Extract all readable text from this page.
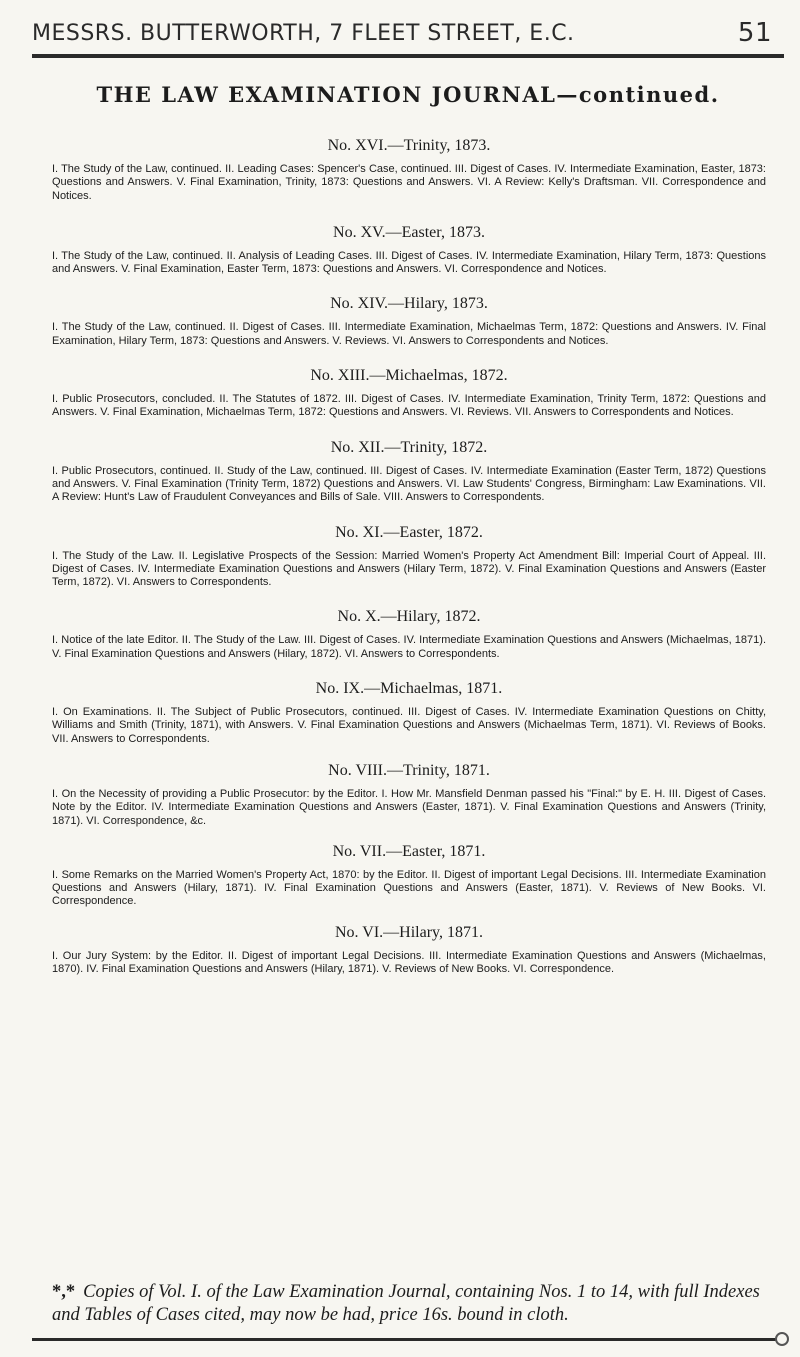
MESSRS. BUTTERWORTH, 7 FLEET STREET, E.C.	51
THE LAW EXAMINATION JOURNAL—continued.
No. XVI.—Trinity, 1873.

I. The Study of the Law, continued. II. Leading Cases: Spencer's Case, continued. III. Digest of Cases. IV. Intermediate Examination, Easter, 1873: Questions and Answers. V. Final Examination, Trinity, 1873: Questions and Answers. VI. A Review: Kelly's Draftsman. VII. Correspondence and Notices.

No. XV.—Easter, 1873.

I. The Study of the Law, continued. II. Analysis of Leading Cases. III. Digest of Cases. IV. Intermediate Examination, Hilary Term, 1873: Questions and Answers. V. Final Examination, Easter Term, 1873: Questions and Answers. VI. Correspondence and Notices.

No. XIV.—Hilary, 1873.

I. The Study of the Law, continued. II. Digest of Cases. III. Intermediate Examination, Michaelmas Term, 1872: Questions and Answers. IV. Final Examination, Hilary Term, 1873: Questions and Answers. V. Reviews. VI. Answers to Correspondents and Notices.

No. XIII.—Michaelmas, 1872.

I. Public Prosecutors, concluded. II. The Statutes of 1872. III. Digest of Cases. IV. Intermediate Examination, Trinity Term, 1872: Questions and Answers. V. Final Examination, Michaelmas Term, 1872: Questions and Answers. VI. Reviews. VII. Answers to Correspondents and Notices.

No. XII.—Trinity, 1872.

I. Public Prosecutors, continued. II. Study of the Law, continued. III. Digest of Cases. IV. Intermediate Examination (Easter Term, 1872) Questions and Answers. V. Final Examination (Trinity Term, 1872) Questions and Answers. VI. Law Students' Congress, Birmingham: Law Examinations. VII. A Review: Hunt's Law of Fraudulent Conveyances and Bills of Sale. VIII. Answers to Correspondents.

No. XI.—Easter, 1872.

I. The Study of the Law. II. Legislative Prospects of the Session: Married Women's Property Act Amendment Bill: Imperial Court of Appeal. III. Digest of Cases. IV. Intermediate Examination Questions and Answers (Hilary Term, 1872). V. Final Examination Questions and Answers (Easter Term, 1872). VI. Answers to Correspondents.

No. X.—Hilary, 1872.

I. Notice of the late Editor. II. The Study of the Law. III. Digest of Cases. IV. Intermediate Examination Questions and Answers (Michaelmas, 1871). V. Final Examination Questions and Answers (Hilary, 1872). VI. Answers to Correspondents.

No. IX.—Michaelmas, 1871.

I. On Examinations. II. The Subject of Public Prosecutors, continued. III. Digest of Cases. IV. Intermediate Examination Questions on Chitty, Williams and Smith (Trinity, 1871), with Answers. V. Final Examination Questions and Answers (Michaelmas Term, 1871). VI. Reviews of Books. VII. Answers to Correspondents.

No. VIII.—Trinity, 1871.

I. On the Necessity of providing a Public Prosecutor: by the Editor. I. How Mr. Mansfield Denman passed his "Final:" by E. H. III. Digest of Cases. Note by the Editor. IV. Intermediate Examination Questions and Answers (Easter, 1871). V. Final Examination Questions and Answers (Trinity, 1871). VI. Correspondence, &c.

No. VII.—Easter, 1871.

I. Some Remarks on the Married Women's Property Act, 1870: by the Editor. II. Digest of important Legal Decisions. III. Intermediate Examination Questions and Answers (Hilary, 1871). IV. Final Examination Questions and Answers (Easter, 1871). V. Reviews of New Books. VI. Correspondence.

No. VI.—Hilary, 1871.

I. Our Jury System: by the Editor. II. Digest of important Legal Decisions. III. Intermediate Examination Questions and Answers (Michaelmas, 1870). IV. Final Examination Questions and Answers (Hilary, 1871). V. Reviews of New Books. VI. Correspondence.

*,* Copies of Vol. I. of the Law Examination Journal, containing Nos. 1 to 14, with full Indexes and Tables of Cases cited, may now be had, price 16s. bound in cloth.
